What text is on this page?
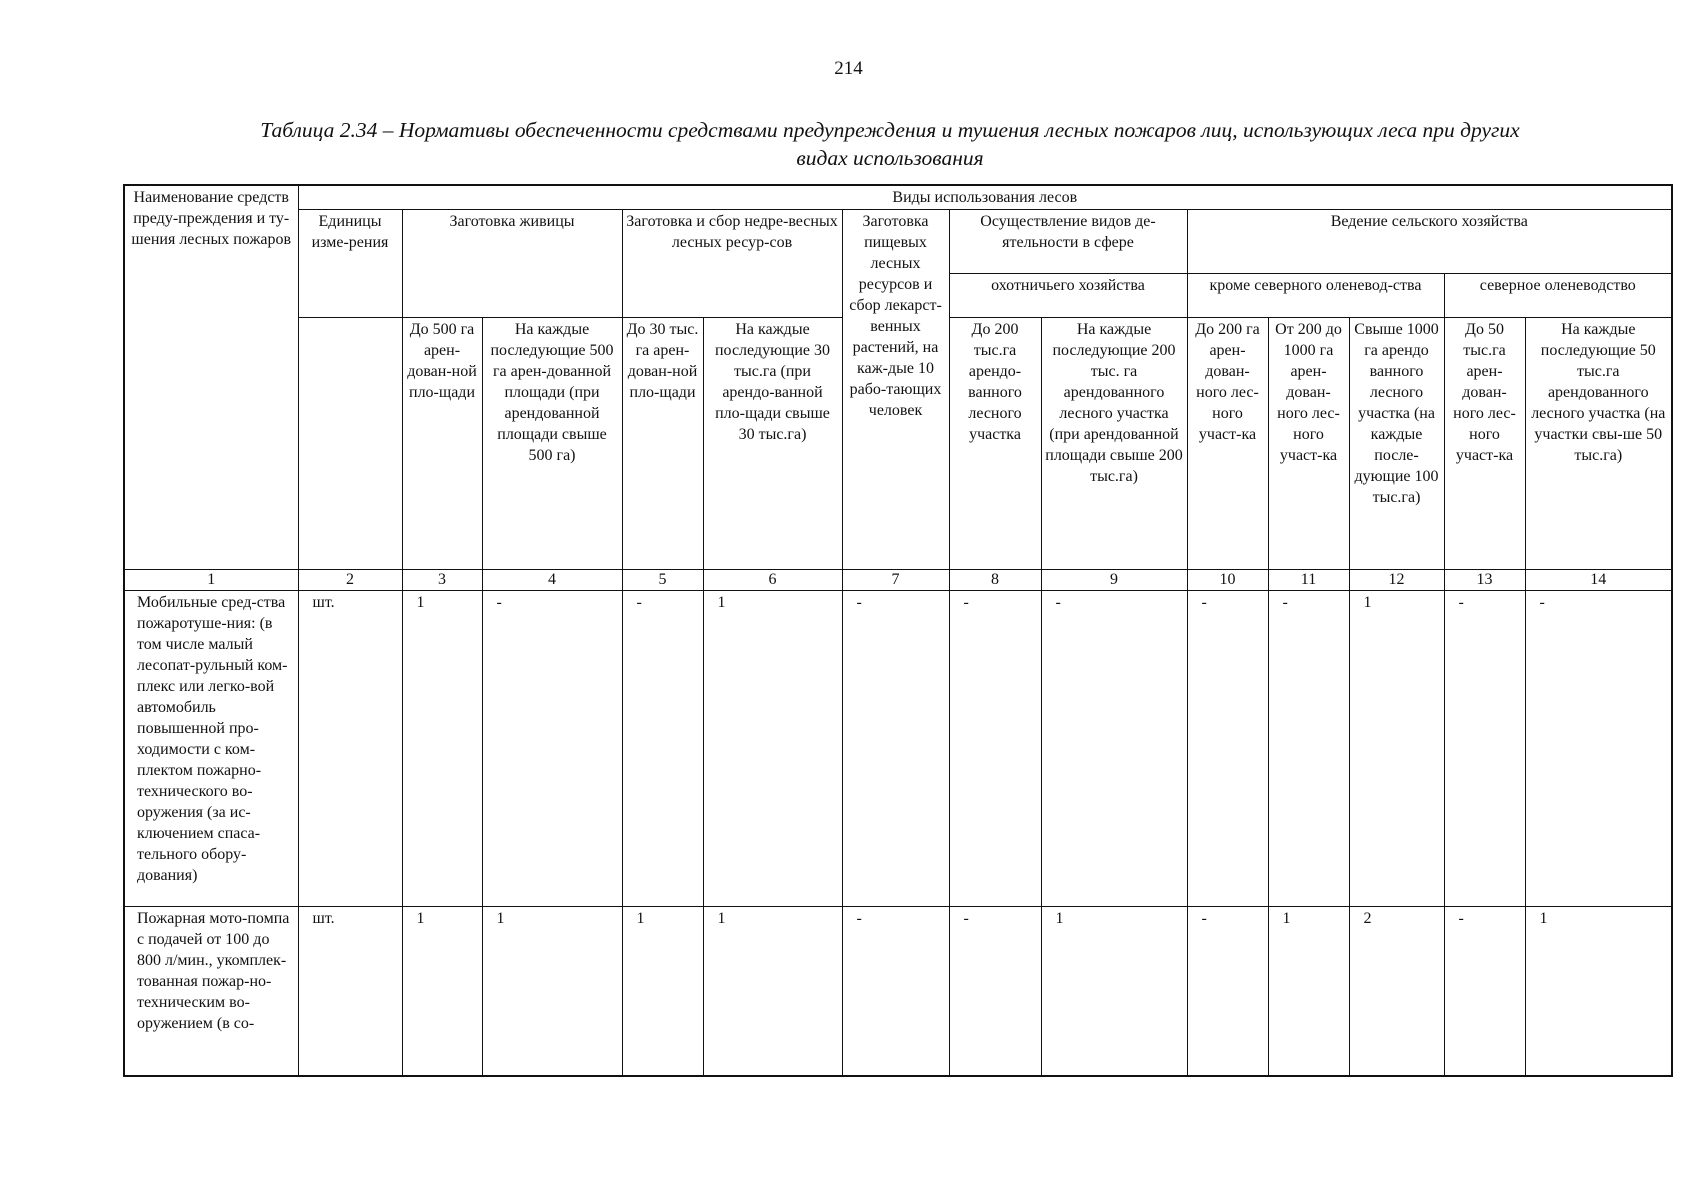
214
Таблица 2.34 – Нормативы обеспеченности средствами предупреждения и тушения лесных пожаров лиц, использующих леса при других
видах использования
Наименование средств преду-преждения и ту-шения лесных пожаров	Виды использования лесов												
	Единицы изме-рения	Заготовка живицы		Заготовка и сбор недре-весных лесных ресур-сов		Заготовка пищевых лесных ресурсов и сбор лекарст-венных растений, на каж-дые 10 рабо-тающих человек	Осуществление видов де-ятельности в сфере		Ведение сельского хозяйства				
							охотничьего хозяйства		кроме северного оленевод-ства			северное оленеводство	
		До 500 га арен-дован-ной пло-щади	На каждые последующие 500 га арен-дованной площади (при арендованной площади свыше 500 га)	До 30 тыс. га арен-дован-ной пло-щади	На каждые последующие 30 тыс.га (при арендо-ванной пло-щади свыше 30 тыс.га)		До 200 тыс.га арендо-ванного лесного участка	На каждые последующие 200 тыс. га арендованного лесного участка (при арендованной площади свыше 200 тыс.га)	До 200 га арен-дован-ного лес-ного участ-ка	От 200 до 1000 га арен-дован-ного лес-ного участ-ка	Свыше 1000 га арендо ванного лесного участка (на каждые после-дующие 100 тыс.га)	До 50 тыс.га арен-дован-ного лес-ного участ-ка	На каждые последующие 50 тыс.га арендованного лесного участка (на участки свы-ше 50 тыс.га)
1	2	3	4	5	6	7	8	9	10	11	12	13	14
Мобильные сред-ства пожаротуше-ния: (в том числе малый лесопат-рульный ком-плекс или легко-вой автомобиль повышенной про-ходимости с ком-плектом пожарно-технического во-оружения (за ис-ключением спаса-тельного обору-дования)	шт.	1	-	-	1	-	-	-	-	-	1	-	-
Пожарная мото-помпа с подачей от 100 до 800 л/мин., укомплек-тованная пожар-но-техническим во-оружением (в со-	шт.	1	1	1	1	-	-	1	-	1	2	-	1
